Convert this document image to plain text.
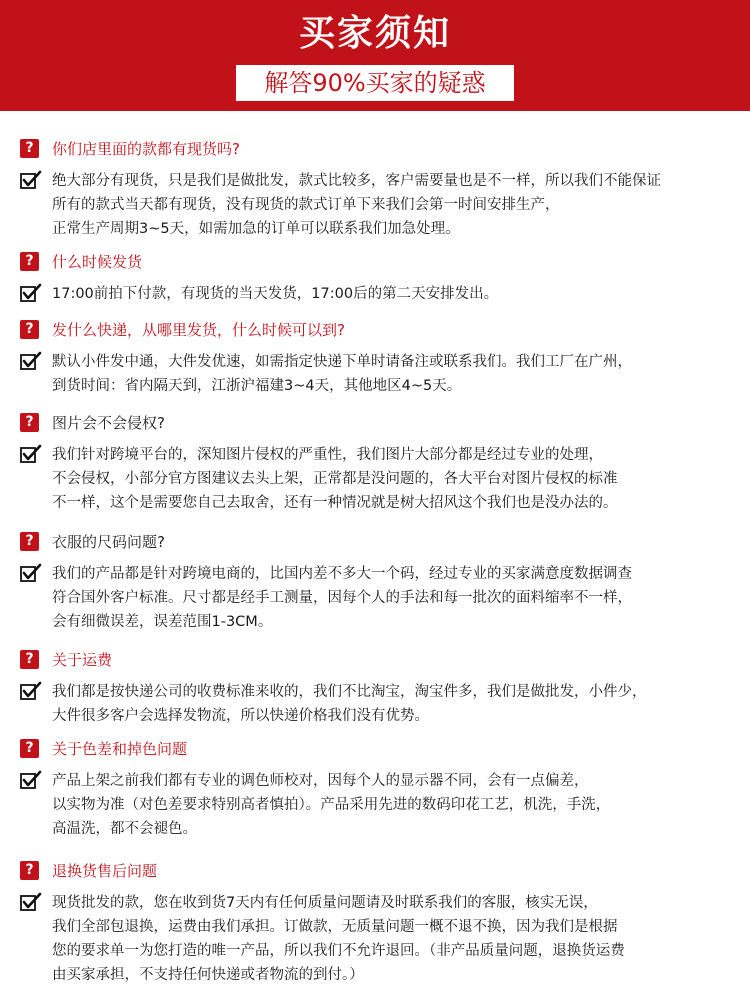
买家须知
解答90%买家的疑惑
?	你们店里面的款都有现货吗?
绝大部分有现货，只是我们是做批发，款式比较多，客户需要量也是不一样，所以我们不能保证
所有的款式当天都有现货，没有现货的款式订单下来我们会第一时间安排生产，
正常生产周期3~5天，如需加急的订单可以联系我们加急处理。
?	什么时候发货
17:00前拍下付款，有现货的当天发货，17:00后的第二天安排发出。
?	发什么快递，从哪里发货，什么时候可以到?
默认小件发中通，大件发优速，如需指定快递下单时请备注或联系我们。我们工厂在广州，
到货时间：省内隔天到，江浙沪福建3~4天，其他地区4~5天。
?	图片会不会侵权?
我们针对跨境平台的，深知图片侵权的严重性，我们图片大部分都是经过专业的处理，
不会侵权，小部分官方图建议去头上架，正常都是没问题的，各大平台对图片侵权的标准
不一样，这个是需要您自己去取舍，还有一种情况就是树大招风这个我们也是没办法的。
?	衣服的尺码问题?
我们的产品都是针对跨境电商的，比国内差不多大一个码，经过专业的买家满意度数据调查
符合国外客户标准。尺寸都是经手工测量，因每个人的手法和每一批次的面料缩率不一样，
会有细微误差，误差范围1-3CM。
?	关于运费
我们都是按快递公司的收费标准来收的，我们不比淘宝，淘宝件多，我们是做批发，小件少，
大件很多客户会选择发物流，所以快递价格我们没有优势。
?	关于色差和掉色问题
产品上架之前我们都有专业的调色师校对，因每个人的显示器不同，会有一点偏差，
以实物为准（对色差要求特别高者慎拍）。产品采用先进的数码印花工艺，机洗，手洗，
高温洗，都不会褪色。
?	退换货售后问题
现货批发的款，您在收到货7天内有任何质量问题请及时联系我们的客服，核实无误，
我们全部包退换，运费由我们承担。订做款，无质量问题一概不退不换，因为我们是根据
您的要求单一为您打造的唯一产品，所以我们不允许退回。（非产品质量问题，退换货运费
由买家承担，不支持任何快递或者物流的到付。）
